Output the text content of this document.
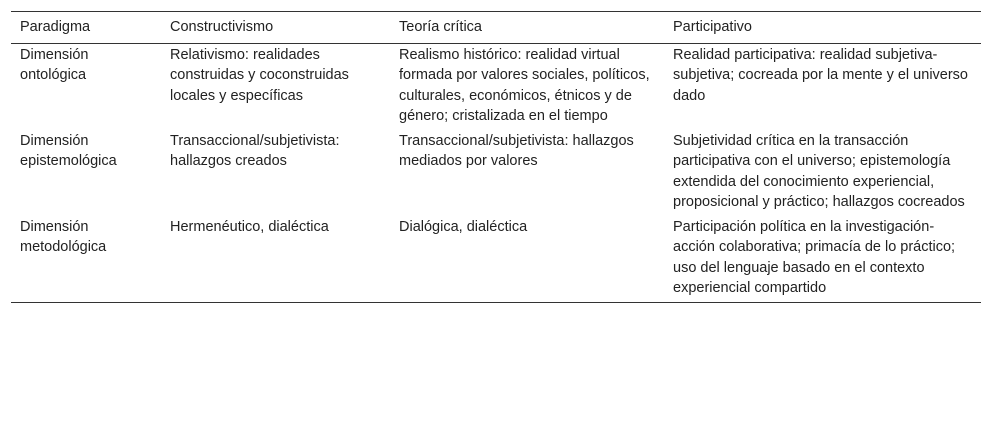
Paradigma	Constructivismo	Teoría crítica	Participativo
Dimensión ontológica	Relativismo: realidades construidas y coconstruidas locales y específicas	Realismo histórico: realidad virtual formada por valores sociales, políticos, culturales, económicos, étnicos y de género; cristalizada en el tiempo	Realidad participativa: realidad subjetiva-subjetiva; cocreada por la mente y el universo dado
Dimensión epistemológica	Transaccional/subjetivista: hallazgos creados	Transaccional/subjetivista: hallazgos mediados por valores	Subjetividad crítica en la transacción participativa con el universo; epistemología extendida del conocimiento experiencial, proposicional y práctico; hallazgos cocreados
Dimensión metodológica	Hermenéutico, dialéctica	Dialógica, dialéctica	Participación política en la investigación-acción colaborativa; primacía de lo práctico; uso del lenguaje basado en el contexto experiencial compartido
